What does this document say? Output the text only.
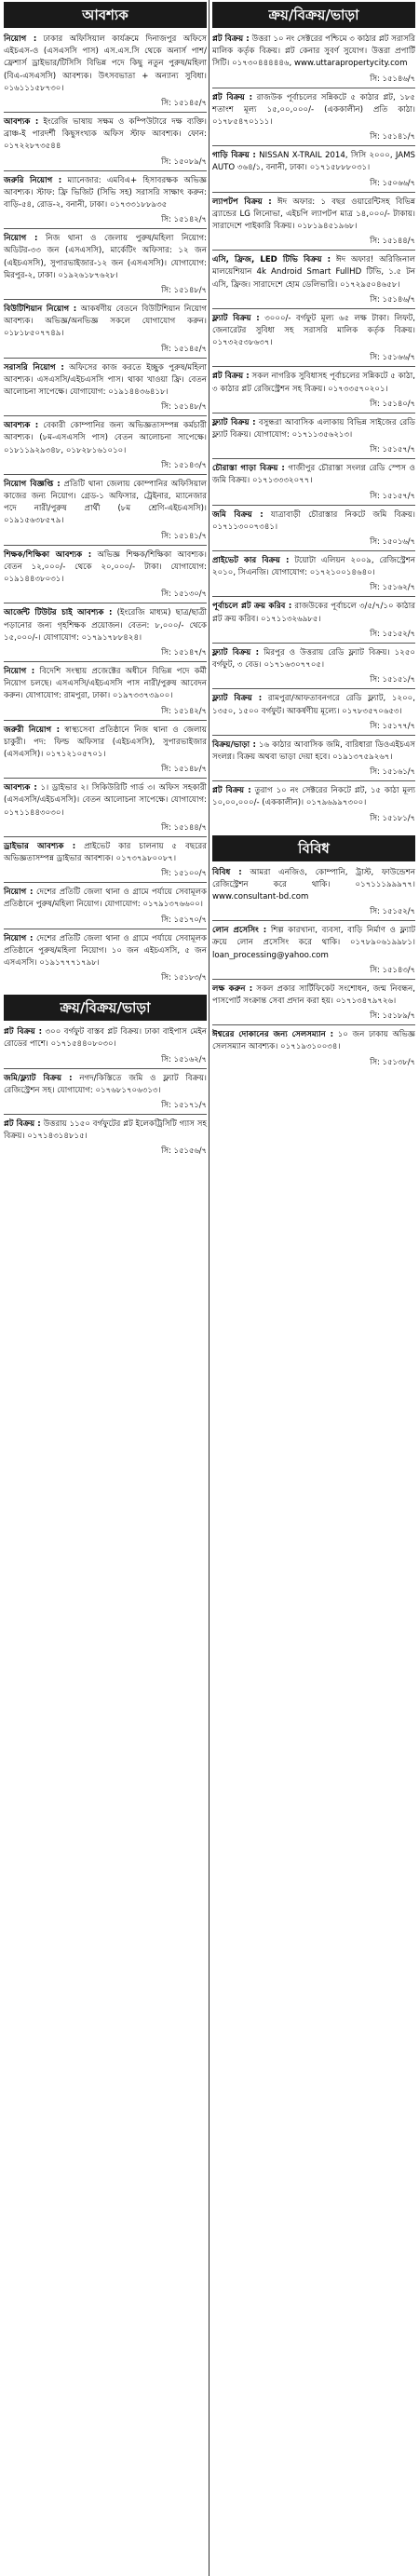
আবশ্যক
নিয়োগ : ঢাকার অফিসিয়াল কার্যক্রমে দিনাজপুর অফিসে এইচএস-ও (এসএসসি পাস) এস.এস.সি থেকে অনার্স পাশ/ফ্রেশার্স ড্রাইভার/টিসিসি বিভিন্ন পদে কিছু নতুন পুরুষ/মহিলা (বিএ-এসএসসি) আবশ্যক। উৎসবভাতা + অন্যান্য সুবিধা। ০১৬১১১৫৮৭৩০।
সি: ১৫১৪৫/৭
আবশ্যক : ইংরেজি ভাষায় সক্ষম ও কম্পিউটারে দক্ষ ব্যক্তি। ব্রাঞ্চ-ই পারদর্শী কিছুসংখ্যক অফিস স্টাফ আবশ্যক। ফোন: ০১৭২২৮৭৩৫৪৪
সি: ১৫০৮৯/৭
জরুরি নিয়োগ : ম্যানেজার: এমবিএ+ হিসাবরক্ষক অভিজ্ঞ আবশ্যক। স্টাফ: ফ্রি ভিজিট (সিভি সহ) সরাসরি সাক্ষাৎ করুন: বাড়ি-৫৪, রোড-২, বনানী, ঢাকা। ০১৭৩৩১৮৮৯৩৫
সি: ১৫১৪২/৭
নিয়োগ : নিজ থানা ও জেলায় পুরুষ/মহিলা নিয়োগ: অডিটর-৩৩ জন (এসএসসি), মার্কেটিং অফিসার: ১২ জন (এইচএসসি), সুপারভাইজার-১২ জন (এসএসসি)। যোগাযোগ: মিরপুর-২, ঢাকা। ০১৯২৬১৮৭৬২৮।
সি: ১৫১৪৮/৭
বিউটিশিয়ান নিয়োগ : আকর্ষণীয় বেতনে বিউটিশিয়ান নিয়োগ আবশ্যক। অভিজ্ঞ/অনভিজ্ঞ সকলে যোগাযোগ করুন। ০১৮১৮৫০৭৭৪৯।
সি: ১৫১৪৫/৭
সরাসরি নিয়োগ : অফিসের কাজ করতে ইচ্ছুক পুরুষ/মহিলা আবশ্যক। এসএসসি/এইচএসসি পাস। থাকা খাওয়া ফ্রি। বেতন আলোচনা সাপেক্ষে। যোগাযোগ: ০১৯১৪৪৩৬৪১৮।
সি: ১৫১৪৮/৭
আবশ্যক : বেকারী কোম্পানির জন্য অভিজ্ঞতাসম্পন্ন কর্মচারী আবশ্যক। (৮ম-এসএসসি পাস) বেতন আলোচনা সাপেক্ষে। ০১৮১১৯২৯৩৪৮, ০১৮২৮১৬১০১০।
সি: ১৫১৪৩/৭
নিয়োগ বিজ্ঞপ্তি : প্রতিটি থানা জেলায় কোম্পানির অফিসিয়াল কাজের জন্য নিয়োগ। গ্রেড-১ অফিসার, ট্রেইনার, ম্যানেজার পদে নারী/পুরুষ প্রার্থী (৮ম শ্রেণি-এইচএসসি)। ০১৯১৫৬৩৮৫৭৯।
সি: ১৫১৪১/৭
শিক্ষক/শিক্ষিকা আবশ্যক : অভিজ্ঞ শিক্ষক/শিক্ষিকা আবশ্যক। বেতন ১২,০০০/- থেকে ২০,০০০/- টাকা। যোগাযোগ: ০১৯১৪৪৩৮০৩১।
সি: ১৫১৩০/৭
আর্জেন্ট টিউটর চাই আবশ্যক : (ইংরেজি মাধ্যম) ছাত্র/ছাত্রী পড়ানোর জন্য গৃহশিক্ষক প্রয়োজন। বেতন: ৮,০০০/- থেকে ১৫,০০০/-। যোগাযোগ: ০১৭৯১৭৮৮৪২৪।
সি: ১৫১৪৭/৭
নিয়োগ : বিদেশি সংস্থায় প্রজেক্টের অধীনে বিভিন্ন পদে কর্মী নিয়োগ চলছে। এসএসসি/এইচএসসি পাস নারী/পুরুষ আবেদন করুন। যোগাযোগ: রামপুরা, ঢাকা। ০১৯৭৩৩৭৩৯০০।
সি: ১৫১৪২/৭
জরুরী নিয়োগ : স্বাস্থ্যসেবা প্রতিষ্ঠানে নিজ থানা ও জেলায় চাকুরী। পদ: ফিল্ড অফিসার (এইচএসসি), সুপারভাইজার (এসএসসি)। ০১৭১২১০৫৭০১।
সি: ১৫১৪৮/৭
আবশ্যক : ১। ড্রাইভার ২। সিকিউরিটি গার্ড ৩। অফিস সহকারী (এসএসসি/এইচএসসি)। বেতন আলোচনা সাপেক্ষে। যোগাযোগ: ০১৭১১৪৪৩০৩০।
সি: ১৫১৪৪/৭
ড্রাইভার আবশ্যক : প্রাইভেট কার চালনায় ৫ বছরের অভিজ্ঞতাসম্পন্ন ড্রাইভার আবশ্যক। ০১৭৩৭৯৮০০৮৭।
সি: ১৫১০০/৭
নিয়োগ : দেশের প্রতিটি জেলা থানা ও গ্রামে পর্যায়ে সেবামূলক প্রতিষ্ঠানে পুরুষ/মহিলা নিয়োগ। যোগাযোগ: ০১৭৯১৩৭৬৬০০।
সি: ১৫১৭০/৭
নিয়োগ : দেশের প্রতিটি জেলা থানা ও গ্রামে পর্যায়ে সেবামূলক প্রতিষ্ঠানে পুরুষ/মহিলা নিয়োগ। ১০ জন এইচএসসি, ৫ জন এসএসসি। ০১৯১৭৭৭১৭৯৮।
সি: ১৫১৮৩/৭
ক্রয়/বিক্রয়/ভাড়া
প্লট বিক্রয় : ৩০০ বর্গফুট বাস্তব প্লট বিক্রয়। ঢাকা বাইপাস মেইন রোডের পাশে। ০১৭১৫৪৪০৮০৩০।
সি: ১৫১৬২/৭
জমি/ফ্ল্যাট বিক্রয় : নগদ/কিস্তিতে জমি ও ফ্ল্যাট বিক্রয়। রেজিস্ট্রেশন সহ। যোগাযোগ: ০১৭৬৮১৭০৬৩১৩।
সি: ১৫১৭১/৭
প্লট বিক্রয় : উত্তরায় ১১৫০ বর্গফুটের প্লট ইলেকট্রিসিটি গ্যাস সহ বিক্রয়। ০১৭১৪৩১৪৮১৫।
সি: ১৫১৫৬/৭
ক্রয়/বিক্রয়/ভাড়া
প্লট বিক্রয় : উত্তরা ১০ নং সেক্টরের পশ্চিমে ৩ কাঠার প্লট সরাসরি মালিক কর্তৃক বিক্রয়। প্লট কেনার সুবর্ণ সুযোগ। উত্তরা প্রপার্টি সিটি। ০১৭৩০৪৪৪৪৪৬, www.uttarapropertycity.com
সি: ১৫১৪৬/৭
প্লট বিক্রয় : রাজউক পূর্বাচলের সন্নিকটে ৫ কাঠার প্লট, ১৮৫ শতাংশ মূল্য ১৫,০০,০০০/- (এককালীন) প্রতি কাঠা। ০১৭৮৫৪৭০১১১।
সি: ১৫১৪১/৭
গাড়ি বিক্রয় : NISSAN X-TRAIL 2014, সিসি ২০০০, JAMS AUTO ৩৬৪/১, বনানী, ঢাকা। ০১৭১৫৮৮৮০৩১।
সি: ১৫০৬৬/৭
ল্যাপটপ বিক্রয় : ঈদ অফার: ১ বছর ওয়ারেন্টিসহ বিভিন্ন ব্র্যান্ডের LG লিনোভা, এইচপি ল্যাপটপ মাত্র ১৪,০০০/- টাকায়। সারাদেশে পাইকারি বিক্রয়। ০১৮১৯৪৫১৯৬৮।
সি: ১৫১৪৪/৭
এসি, ফ্রিজ, LED টিভি বিক্রয় : ঈদ অফার! অরিজিনাল মালয়েশিয়ান 4k Android Smart FullHD টিভি, ১.৫ টন এসি, ফ্রিজ। সারাদেশে হোম ডেলিভারি। ০১৭২৯৫০৪৬৫৮।
সি: ১৫১৪৬/৭
ফ্ল্যাট বিক্রয় : ৩০০০/- বর্গফুট মূল্য ৬৫ লক্ষ টাকা। লিফট, জেনারেটর সুবিধা সহ সরাসরি মালিক কর্তৃক বিক্রয়। ০১৭৩২৫৩৮৬৩৭।
সি: ১৫১৬৬/৭
প্লট বিক্রয় : সকল নাগরিক সুবিধাসহ পূর্বাচলের সন্নিকটে ৫ কাঠা, ৩ কাঠার প্লট রেজিস্ট্রেশন সহ বিক্রয়। ০১৭৩৩৫৭০২০১।
সি: ১৫১৪০/৭
ফ্ল্যাট বিক্রয় : বসুন্ধরা আবাসিক এলাকায় বিভিন্ন সাইজের রেডি ফ্ল্যাট বিক্রয়। যোগাযোগ: ০১৭১১৩৫৬২১৩।
সি: ১৫১৫৭/৭
চৌরাস্তা গাড়া বিক্রয় : গাজীপুর চৌরাস্তা সংলগ্ন রেডি স্পেস ও জমি বিক্রয়। ০১৭১৩৩৩২০৭৭।
সি: ১৫১৫৭/৭
জমি বিক্রয় : যাত্রাবাড়ী চৌরাস্তার নিকটে জমি বিক্রয়। ০১৭১১৩০০৭৩৪১।
সি: ১৫০১৬/৭
প্রাইভেট কার বিক্রয় : টয়োটা এলিয়ন ২০০৯, রেজিস্ট্রেশন ২০১০, সিএনজি। যোগাযোগ: ০১৭২১০০১৪৬৪০।
সি: ১৫১৬২/৭
পূর্বাচলে প্লট ক্রয় করিব : রাজউকের পূর্বাচলে ৩/৫/৭/১০ কাঠার প্লট ক্রয় করিব। ০১৭১১৩২৬৯৮৫।
সি: ১৫১৫২/৭
ফ্ল্যাট বিক্রয় : মিরপুর ও উত্তরায় রেডি ফ্ল্যাট বিক্রয়। ১২৫০ বর্গফুট, ৩ বেড। ০১৭১৬৩০৭৭০৫।
সি: ১৫১৫১/৭
ফ্ল্যাট বিক্রয় : রামপুরা/আফতাবনগরে রেডি ফ্ল্যাট, ১২০০, ১৩৫০, ১৫০০ বর্গফুট। আকর্ষণীয় মূল্যে। ০১৭৮৩৫৭০৬৫৩।
সি: ১৫১৭৭/৭
বিক্রয়/ভাড়া : ১৬ কাঠার আবাসিক জমি, বারিধারা ডিওএইচএস সংলগ্ন। বিক্রয় অথবা ভাড়া দেয়া হবে। ০১৯১৩৭৫৯২৬৭।
সি: ১৫১৬১/৭
প্লট বিক্রয় : তুরাগ ১০ নং সেক্টরের নিকটে প্লট, ১৫ কাঠা মূল্য ১০,০০,০০০/- (এককালীন)। ০১৭৯৬৯৯৭৩০০।
সি: ১৫১৮১/৭
বিবিধ
বিবিধ : আমরা এনজিও, কোম্পানি, ট্রাস্ট, ফাউন্ডেশন রেজিস্ট্রেশন করে থাকি। ০১৭১১১৯৯৯৭৭। www.consultant-bd.com
সি: ১৫১৫২/৭
লোন প্রসেসিং : শিল্প কারখানা, ব্যবসা, বাড়ি নির্মাণ ও ফ্ল্যাট ক্রয়ে লোন প্রসেসিং করে থাকি। ০১৭৮৯০৬১৯৯৮১। loan_processing@yahoo.com
সি: ১৫১৪৩/৭
লক্ষ করুন : সকল প্রকার সার্টিফিকেট সংশোধন, জন্ম নিবন্ধন, পাসপোর্ট সংক্রান্ত সেবা প্রদান করা হয়। ০১৭১৩৪৭৯৭২৬।
সি: ১৫১৮৯/৭
ঈশ্বরের দোকানের জন্য সেলসম্যান : ১০ জন ঢাকায় অভিজ্ঞ সেলসম্যান আবশ্যক। ০১৭১৯৩১০০৩৪।
সি: ১৫১৩৮/৭
